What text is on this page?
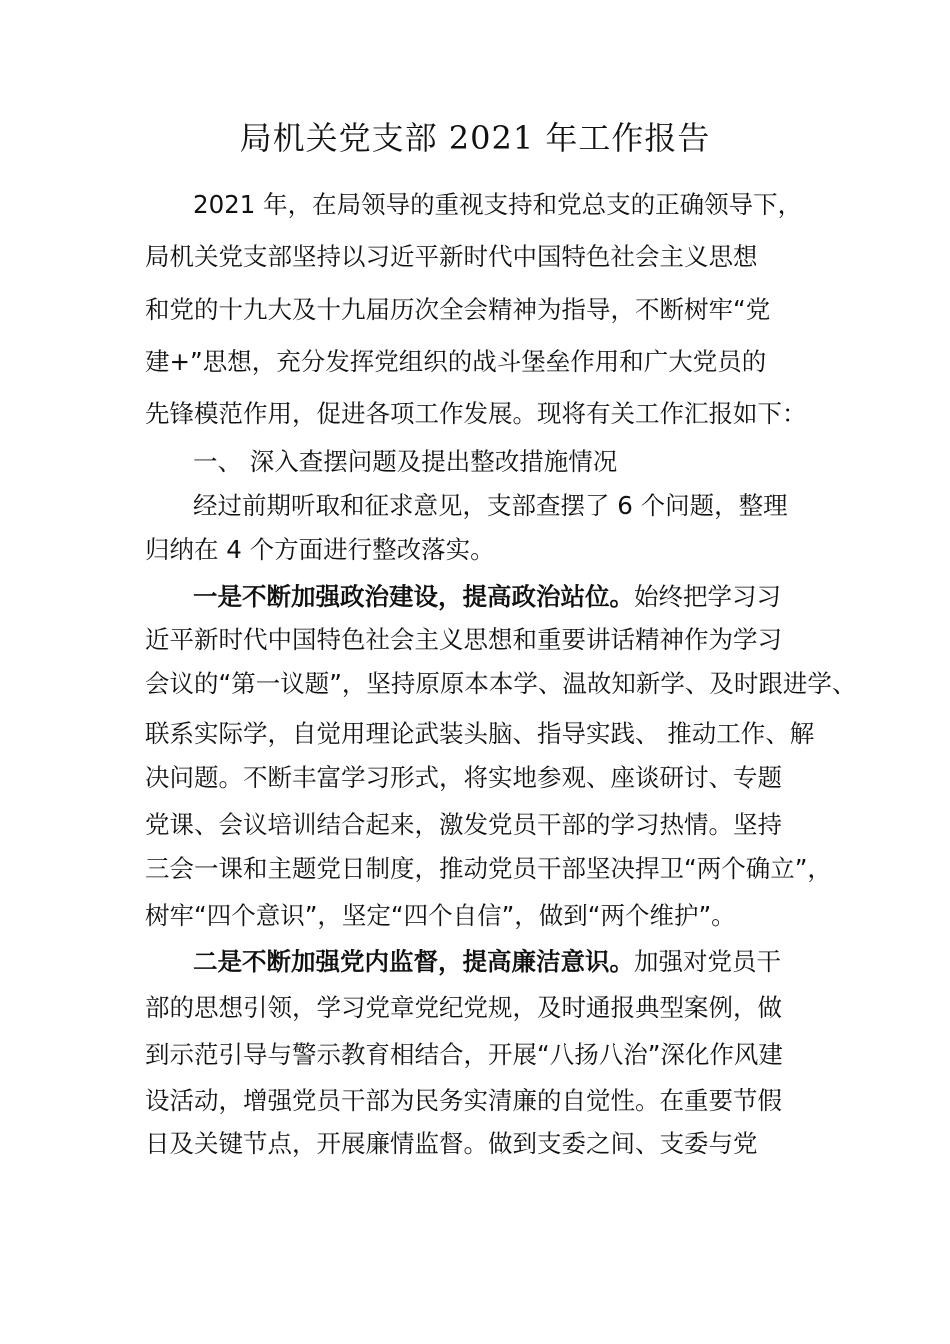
局机关党支部 2021 年工作报告
2021 年，在局领导的重视支持和党总支的正确领导下，
局机关党支部坚持以习近平新时代中国特色社会主义思想
和党的十九大及十九届历次全会精神为指导，不断树牢“党
建+”思想，充分发挥党组织的战斗堡垒作用和广大党员的
先锋模范作用，促进各项工作发展。现将有关工作汇报如下：
一、 深入查摆问题及提出整改措施情况
经过前期听取和征求意见，支部查摆了 6 个问题，整理
归纳在 4 个方面进行整改落实。
一是不断加强政治建设，提高政治站位。始终把学习习
近平新时代中国特色社会主义思想和重要讲话精神作为学习
会议的“第一议题”，坚持原原本本学、温故知新学、及时跟进学、
联系实际学，自觉用理论武装头脑、指导实践、 推动工作、解
决问题。不断丰富学习形式，将实地参观、座谈研讨、专题
党课、会议培训结合起来，激发党员干部的学习热情。坚持
三会一课和主题党日制度，推动党员干部坚决捍卫“两个确立”，
树牢“四个意识”，坚定“四个自信”，做到“两个维护”。
二是不断加强党内监督，提高廉洁意识。加强对党员干
部的思想引领，学习党章党纪党规，及时通报典型案例，做
到示范引导与警示教育相结合，开展“八扬八治”深化作风建
设活动，增强党员干部为民务实清廉的自觉性。在重要节假
日及关键节点，开展廉情监督。做到支委之间、支委与党
